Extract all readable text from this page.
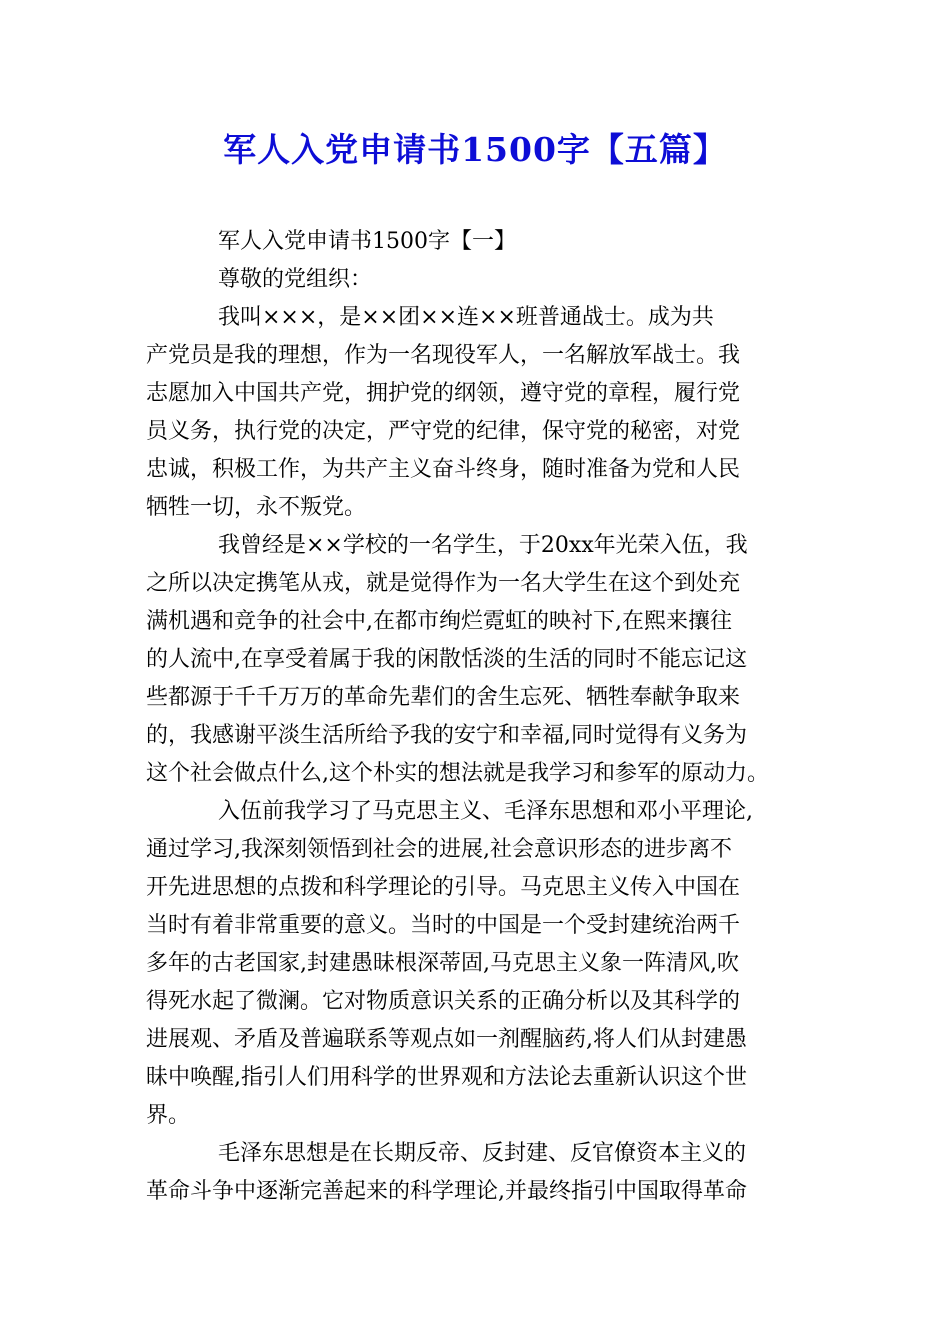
军人入党申请书1500字【五篇】
军人入党申请书1500字【一】
尊敬的党组织：
我叫×××，是××团××连××班普通战士。成为共
产党员是我的理想，作为一名现役军人，一名解放军战士。我
志愿加入中国共产党，拥护党的纲领，遵守党的章程，履行党
员义务，执行党的决定，严守党的纪律，保守党的秘密，对党
忠诚，积极工作，为共产主义奋斗终身，随时准备为党和人民
牺牲一切，永不叛党。
我曾经是××学校的一名学生，于20xx年光荣入伍，我
之所以决定携笔从戎，就是觉得作为一名大学生在这个到处充
满机遇和竞争的社会中,在都市绚烂霓虹的映衬下,在熙来攘往
的人流中,在享受着属于我的闲散恬淡的生活的同时不能忘记这
些都源于千千万万的革命先辈们的舍生忘死、牺牲奉献争取来
的，我感谢平淡生活所给予我的安宁和幸福,同时觉得有义务为
这个社会做点什么,这个朴实的想法就是我学习和参军的原动力。
入伍前我学习了马克思主义、毛泽东思想和邓小平理论,
通过学习,我深刻领悟到社会的进展,社会意识形态的进步离不
开先进思想的点拨和科学理论的引导。马克思主义传入中国在
当时有着非常重要的意义。当时的中国是一个受封建统治两千
多年的古老国家,封建愚昧根深蒂固,马克思主义象一阵清风,吹
得死水起了微澜。它对物质意识关系的正确分析以及其科学的
进展观、矛盾及普遍联系等观点如一剂醒脑药,将人们从封建愚
昧中唤醒,指引人们用科学的世界观和方法论去重新认识这个世
界。
毛泽东思想是在长期反帝、反封建、反官僚资本主义的
革命斗争中逐渐完善起来的科学理论,并最终指引中国取得革命
